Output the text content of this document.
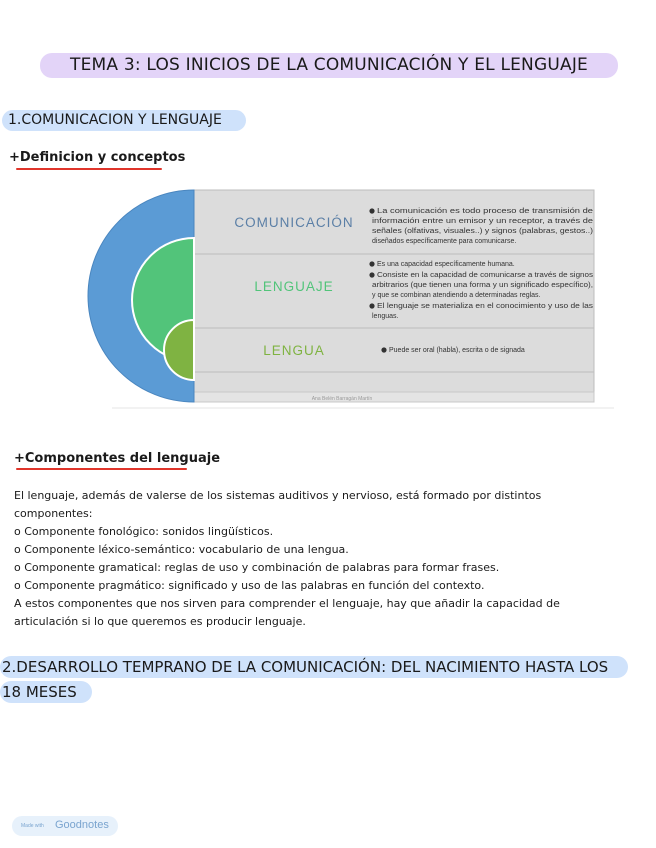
TEMA 3: LOS INICIOS DE LA COMUNICACIÓN Y EL LENGUAJE
1.COMUNICACION Y LENGUAJE
+Definicion y conceptos
COMUNICACIÓN
LENGUAJE
LENGUA
La comunicación es todo proceso de transmisión de
información entre un emisor y un receptor, a través de
señales (olfativas, visuales..) y signos (palabras, gestos..)
diseñados específicamente para comunicarse.
Es una capacidad específicamente humana.
Consiste en la capacidad de comunicarse a través de signos
arbitrarios (que tienen una forma y un significado específico),
y que se combinan atendiendo a determinadas reglas.
El lenguaje se materializa en el conocimiento y uso de las
lenguas.
Puede ser oral (habla), escrita o de signada
Ana Belén Barragán Martín
+Componentes del lenguaje
El lenguaje, además de valerse de los sistemas auditivos y nervioso, está formado por distintos
componentes:
o Componente fonológico: sonidos lingüísticos.
o Componente léxico-semántico: vocabulario de una lengua.
o Componente gramatical: reglas de uso y combinación de palabras para formar frases.
o Componente pragmático: significado y uso de las palabras en función del contexto.
A estos componentes que nos sirven para comprender el lenguaje, hay que añadir la capacidad de
articulación si lo que queremos es producir lenguaje.
2.DESARROLLO TEMPRANO DE LA COMUNICACIÓN: DEL NACIMIENTO HASTA LOS
18 MESES
Made with Goodnotes
